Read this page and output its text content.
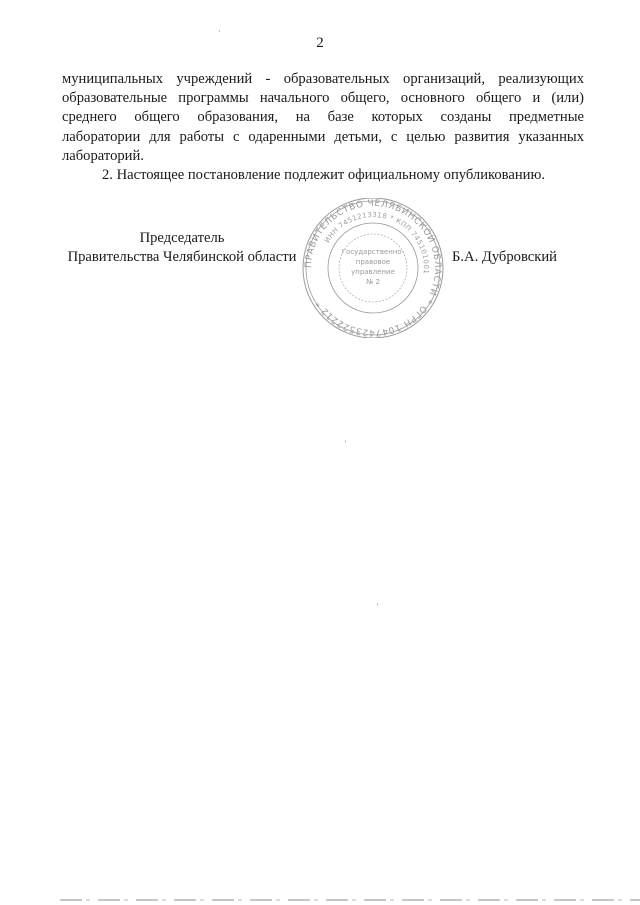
2
муниципальных учреждений - образовательных организаций, реализующих
образовательные программы начального общего, основного общего и (или)
среднего общего образования, на базе которых созданы предметные
лаборатории для работы с одаренными детьми, с целью развития указанных
лабораторий.
2. Настоящее постановление подлежит официальному опубликованию.
Председатель
Правительства Челябинской области ПРАВИТЕЛЬСТВО ЧЕЛЯБИНСКОЙ ОБЛАСТИ * ОГРН 1047423522212 *
ИНН 7451213318 * КПП 745101001
Государственно-
правовое
управление
№ 2
Б.А. Дубровский
